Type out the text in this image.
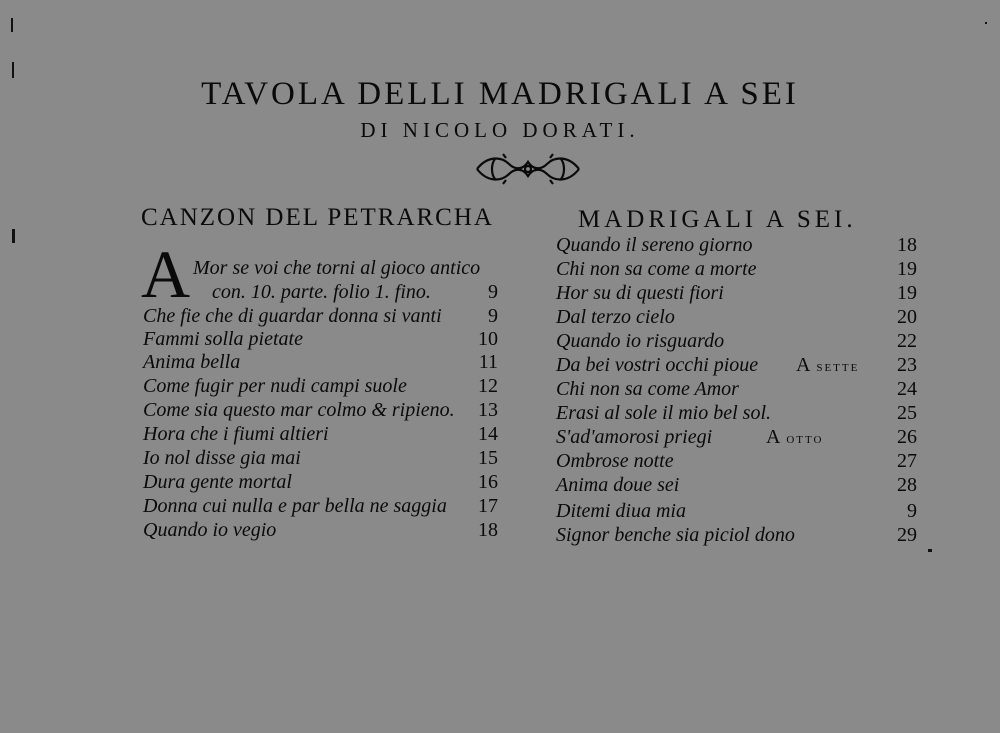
TAVOLA DELLI MADRIGALI A SEI
DI NICOLO DORATI.
CANZON DEL PETRARCHA
A Mor se voi che torni al gioco antico
con. 10. parte. folio 1. fino.	9
Che fie che di guardar donna si vanti 9
Fammi solla pietate	10
Anima bella	11
Come fugir per nudi campi suole	12
Come sia questo mar colmo & ripieno. 13
Hora che i fiumi altieri	14
Io nol disse gia mai	15
Dura gente mortal	16
Donna cui nulla e par bella ne saggia 17
Quando io vegio	18
MADRIGALI A SEI.
Quando il sereno giorno	18
Chi non sa come a morte	19
Hor su di questi fiori	19
Dal terzo cielo	20
Quando io risguardo	22
Da bei vostri occhi pioue A SETTE 23
Chi non sa come Amor	24
Erasi al sole il mio bel sol.	25
S'ad'amorosi priegi	A OTTO	26
Ombrose notte	27
Anima doue sei	28
Ditemi diua mia	9
Signor benche sia piciol dono	29
